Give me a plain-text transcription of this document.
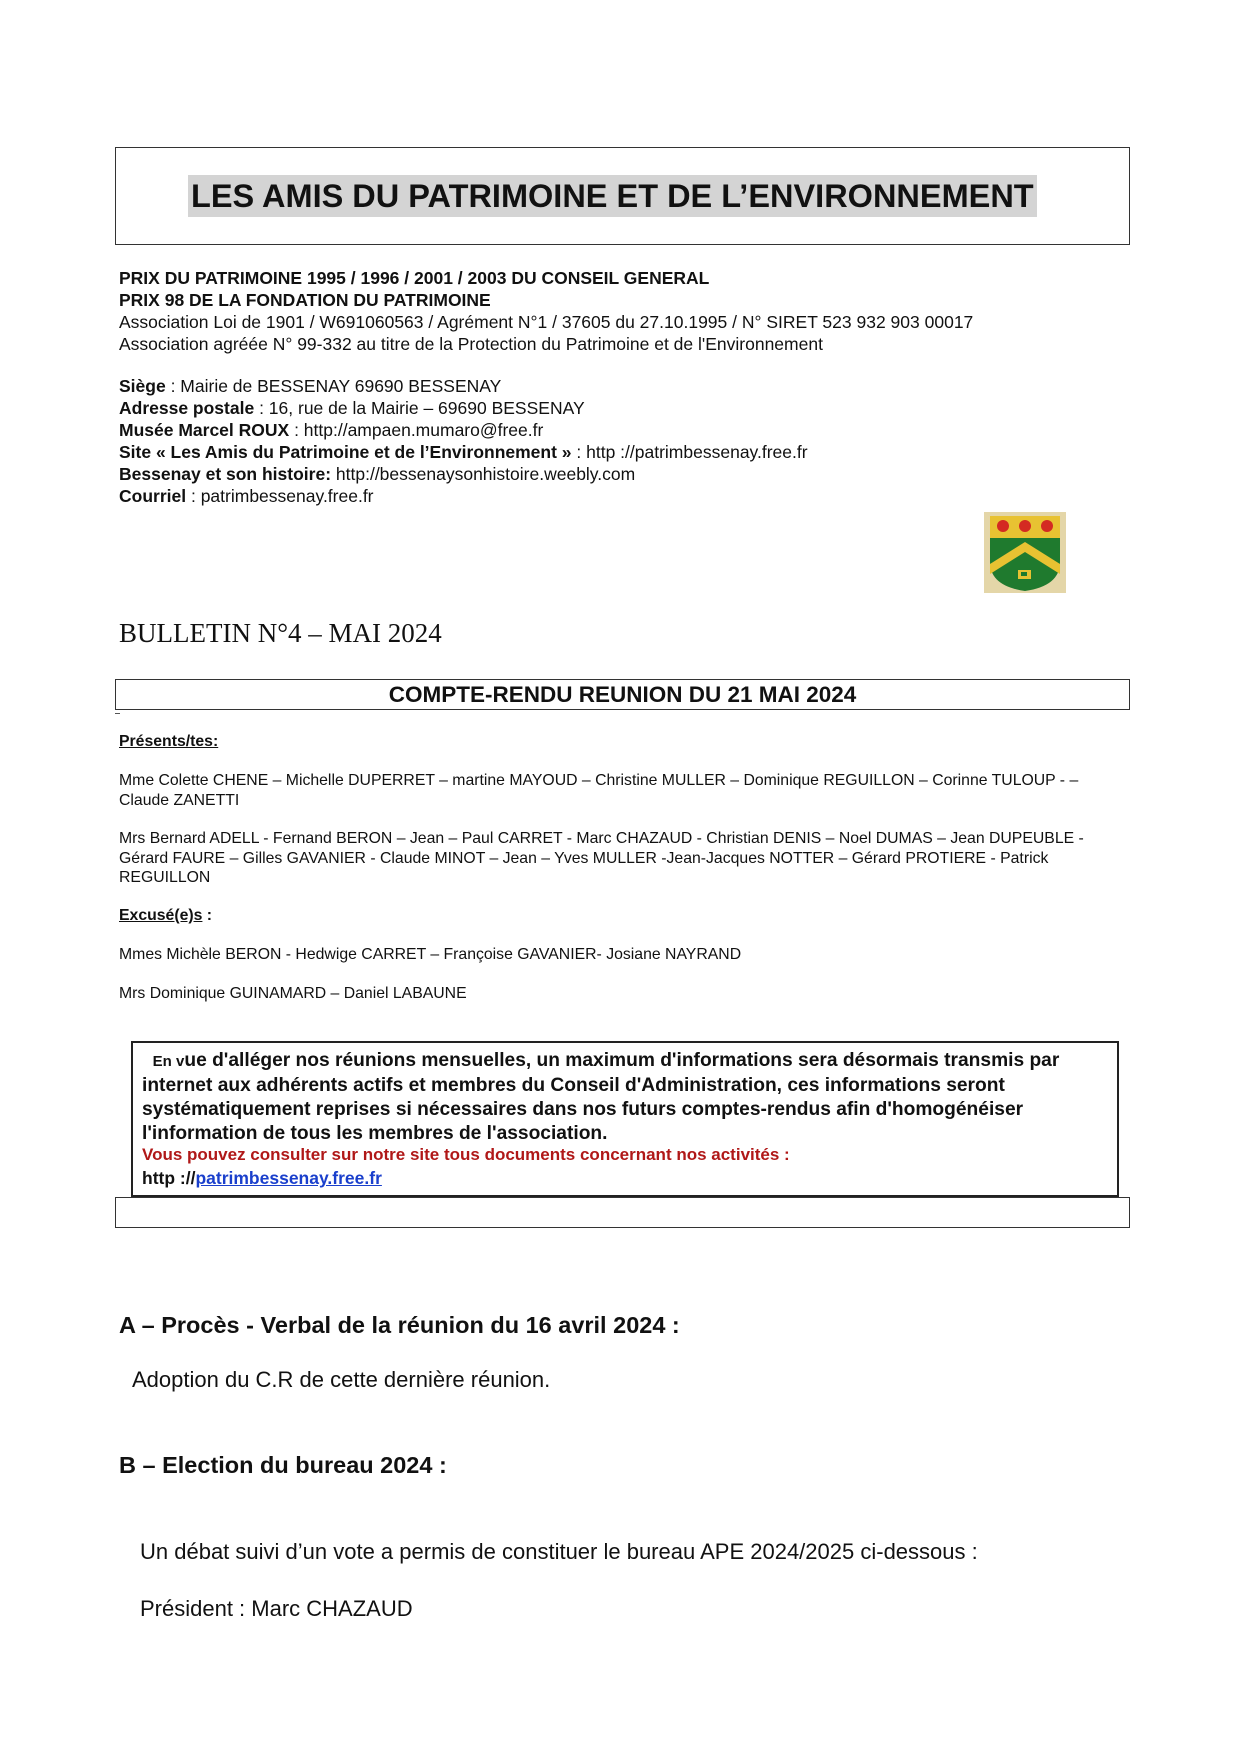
LES AMIS DU PATRIMOINE ET DE L’ENVIRONNEMENT
PRIX DU PATRIMOINE 1995 / 1996 / 2001 / 2003 DU CONSEIL GENERAL
PRIX 98 DE LA FONDATION DU PATRIMOINE
Association Loi de 1901 / W691060563 / Agrément N°1 / 37605 du 27.10.1995 / N° SIRET 523 932 903 00017
Association agréée N° 99-332 au titre de la Protection du Patrimoine et de l'Environnement
Siège : Mairie de BESSENAY 69690 BESSENAY
Adresse postale : 16, rue de la Mairie – 69690 BESSENAY
Musée Marcel ROUX : http://ampaen.mumaro@free.fr
Site « Les Amis du Patrimoine et de l’Environnement » : http ://patrimbessenay.free.fr
Bessenay et son histoire: http://bessenaysonhistoire.weebly.com
Courriel : patrimbessenay.free.fr
BULLETIN N°4 – MAI 2024
COMPTE-RENDU REUNION DU 21 MAI 2024
Présents/tes:
Mme Colette CHENE – Michelle DUPERRET – martine MAYOUD – Christine MULLER – Dominique REGUILLON – Corinne TULOUP - – Claude ZANETTI
Mrs Bernard ADELL - Fernand BERON – Jean – Paul CARRET - Marc CHAZAUD - Christian DENIS – Noel DUMAS – Jean DUPEUBLE - Gérard FAURE – Gilles GAVANIER - Claude MINOT – Jean – Yves MULLER -Jean-Jacques NOTTER – Gérard PROTIERE - Patrick REGUILLON
Excusé(e)s :
Mmes Michèle BERON - Hedwige CARRET – Françoise GAVANIER- Josiane NAYRAND
Mrs Dominique GUINAMARD – Daniel LABAUNE
En vue d'alléger nos réunions mensuelles, un maximum d'informations sera désormais transmis par internet aux adhérents actifs et membres du Conseil d'Administration, ces informations seront systématiquement reprises si nécessaires dans nos futurs comptes-rendus afin d'homogénéiser l'information de tous les membres de l'association.
Vous pouvez consulter sur notre site tous documents concernant nos activités :
http ://patrimbessenay.free.fr
A – Procès - Verbal de la réunion du 16 avril 2024 :
Adoption du C.R de cette dernière réunion.
B – Election du bureau 2024 :
Un débat suivi d’un vote a permis de constituer le bureau APE 2024/2025 ci-dessous :
Président : Marc CHAZAUD
